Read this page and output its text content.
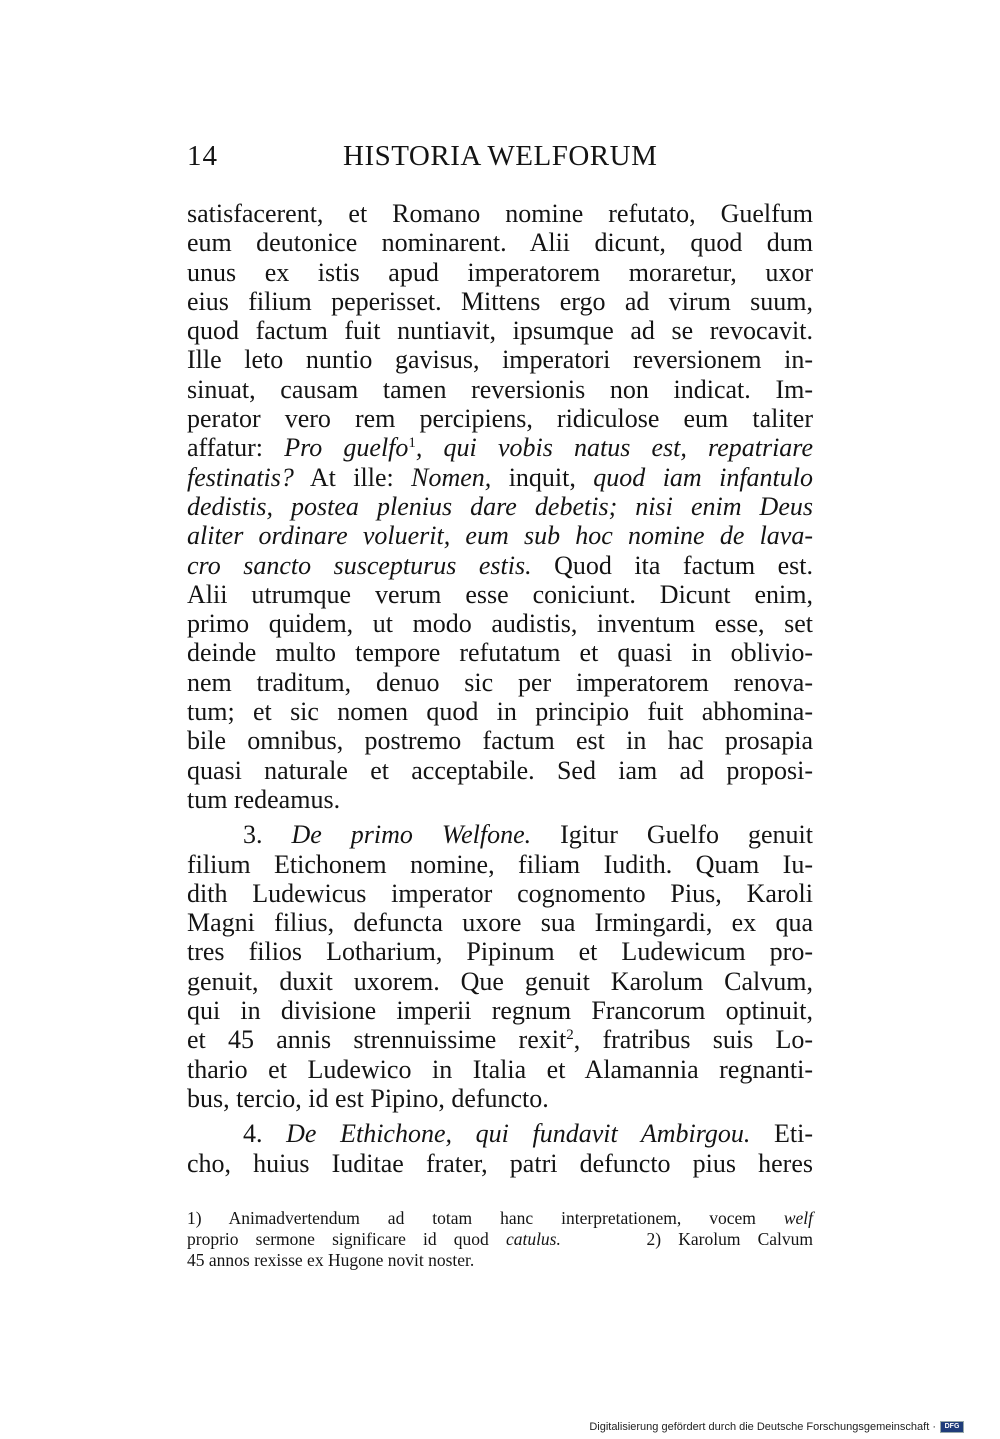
14	HISTORIA WELFORUM
satisfacerent, et Romano nomine refutato, Guelfum
eum deutonice nominarent. Alii dicunt, quod dum
unus ex istis apud imperatorem moraretur, uxor
eius filium peperisset. Mittens ergo ad virum suum,
quod factum fuit nuntiavit, ipsumque ad se revocavit.
Ille leto nuntio gavisus, imperatori reversionem in-
sinuat, causam tamen reversionis non indicat. Im-
perator vero rem percipiens, ridiculose eum taliter
affatur: Pro guelfo$^1$, qui vobis natus est, repatriare
festinatis? At ille: Nomen, inquit, quod iam infantulo
dedistis, postea plenius dare debetis; nisi enim Deus
aliter ordinare voluerit, eum sub hoc nomine de lava-
cro sancto suscepturus estis. Quod ita factum est.
Alii utrumque verum esse coniciunt. Dicunt enim,
primo quidem, ut modo audistis, inventum esse, set
deinde multo tempore refutatum et quasi in oblivio-
nem traditum, denuo sic per imperatorem renova-
tum; et sic nomen quod in principio fuit abhomina-
bile omnibus, postremo factum est in hac prosapia
quasi naturale et acceptabile. Sed iam ad proposi-
tum redeamus.
3. De primo Welfone. Igitur Guelfo genuit
filium Etichonem nomine, filiam Iudith. Quam Iu-
dith Ludewicus imperator cognomento Pius, Karoli
Magni filius, defuncta uxore sua Irmingardi, ex qua
tres filios Lotharium, Pipinum et Ludewicum pro-
genuit, duxit uxorem. Que genuit Karolum Calvum,
qui in divisione imperii regnum Francorum optinuit,
et 45 annis strennuissime rexit$^2$, fratribus suis Lo-
thario et Ludewico in Italia et Alamannia regnanti-
bus, tercio, id est Pipino, defuncto.
4. De Ethichone, qui fundavit Ambirgou. Eti-
cho, huius Iuditae frater, patri defuncto pius heres
1) Animadvertendum ad totam hanc interpretationem, vocem welf
proprio sermone significare id quod catulus.     2) Karolum Calvum
45 annos rexisse ex Hugone novit noster.
Digitalisierung gefördert durch die Deutsche Forschungsgemeinschaft ·	DFG
